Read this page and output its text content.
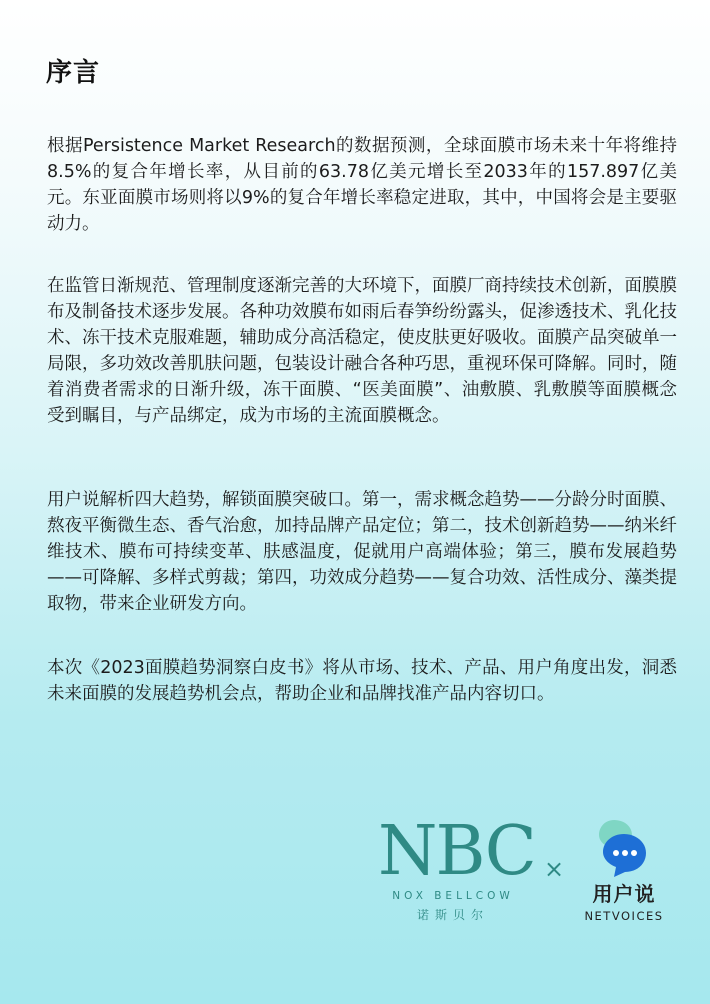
序言

根据Persistence Market Research的数据预测，全球面膜市场未来十年将维持8.5%的复合年增长率，从目前的63.78亿美元增长至2033年的157.897亿美元。东亚面膜市场则将以9%的复合年增长率稳定进取，其中，中国将会是主要驱动力。

在监管日渐规范、管理制度逐渐完善的大环境下，面膜厂商持续技术创新，面膜膜布及制备技术逐步发展。各种功效膜布如雨后春笋纷纷露头，促渗透技术、乳化技术、冻干技术克服难题，辅助成分高活稳定，使皮肤更好吸收。面膜产品突破单一局限，多功效改善肌肤问题，包装设计融合各种巧思，重视环保可降解。同时，随着消费者需求的日渐升级，冻干面膜、“医美面膜”、油敷膜、乳敷膜等面膜概念受到瞩目，与产品绑定，成为市场的主流面膜概念。

用户说解析四大趋势，解锁面膜突破口。第一，需求概念趋势——分龄分时面膜、熬夜平衡微生态、香气治愈，加持品牌产品定位；第二，技术创新趋势——纳米纤维技术、膜布可持续变革、肤感温度，促就用户高端体验；第三，膜布发展趋势——可降解、多样式剪裁；第四，功效成分趋势——复合功效、活性成分、藻类提取物，带来企业研发方向。

本次《2023面膜趋势洞察白皮书》将从市场、技术、产品、用户角度出发，洞悉未来面膜的发展趋势机会点，帮助企业和品牌找准产品内容切口。

NBC
NOX BELLCOW
诺斯贝尔
×
用户说
NETVOICES
